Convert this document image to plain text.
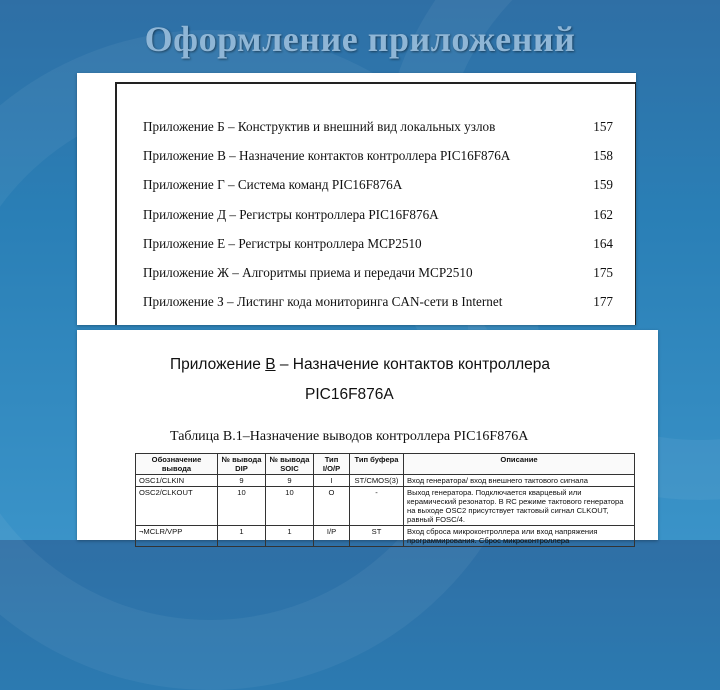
Оформление приложений
Приложение Б – Конструктив и внешний вид локальных узлов	157
Приложение В – Назначение контактов контроллера PIC16F876A	158
Приложение Г – Система команд PIC16F876A	159
Приложение Д – Регистры контроллера PIC16F876A	162
Приложение Е – Регистры контроллера MCP2510	164
Приложение Ж – Алгоритмы приема и передачи MCP2510	175
Приложение З – Листинг кода мониторинга CAN-сети в Internet	177
Приложение В – Назначение контактов контроллера
PIC16F876A
Таблица В.1–Назначение выводов контроллера PIC16F876A
Обозначение вывода	№ вывода DIP	№ вывода SOIC	Тип I/O/P	Тип буфера	Описание
OSC1/CLKIN	9	9	I	ST/CMOS(3)	Вход генератора/ вход внешнего тактового сигнала
OSC2/CLKOUT	10	10	O	-	Выход генератора. Подключается кварцевый или керамический резонатор. В RC режиме тактового генератора на выходе OSC2 присутствует тактовый сигнал CLKOUT, равный FOSC/4.
¬MCLR/VPP	1	1	I/P	ST	Вход сброса микроконтроллера или вход напряжения программирования. Сброс микроконтроллера
